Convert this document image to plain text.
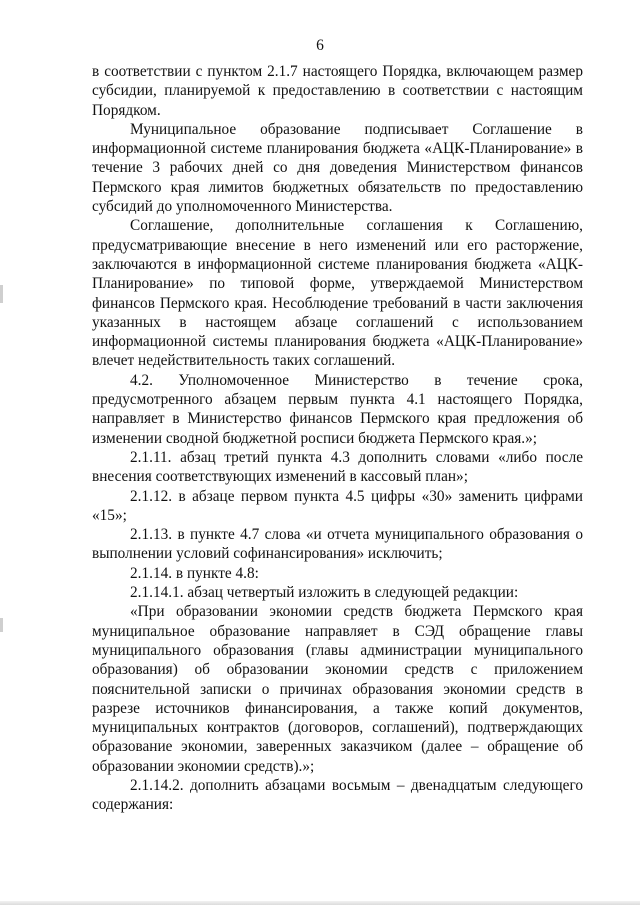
6

в соответствии с пунктом 2.1.7 настоящего Порядка, включающем размер субсидии, планируемой к предоставлению в соответствии с настоящим Порядком.

Муниципальное образование подписывает Соглашение в информационной системе планирования бюджета «АЦК-Планирование» в течение 3 рабочих дней со дня доведения Министерством финансов Пермского края лимитов бюджетных обязательств по предоставлению субсидий до уполномоченного Министерства.

Соглашение, дополнительные соглашения к Соглашению, предусматривающие внесение в него изменений или его расторжение, заключаются в информационной системе планирования бюджета «АЦК-Планирование» по типовой форме, утверждаемой Министерством финансов Пермского края. Несоблюдение требований в части заключения указанных в настоящем абзаце соглашений с использованием информационной системы планирования бюджета «АЦК-Планирование» влечет недействительность таких соглашений.

4.2. Уполномоченное Министерство в течение срока, предусмотренного абзацем первым пункта 4.1 настоящего Порядка, направляет в Министерство финансов Пермского края предложения об изменении сводной бюджетной росписи бюджета Пермского края.»;

2.1.11. абзац третий пункта 4.3 дополнить словами «либо после внесения соответствующих изменений в кассовый план»;

2.1.12. в абзаце первом пункта 4.5 цифры «30» заменить цифрами «15»;

2.1.13. в пункте 4.7 слова «и отчета муниципального образования о выполнении условий софинансирования» исключить;

2.1.14. в пункте 4.8:

2.1.14.1. абзац четвертый изложить в следующей редакции:

«При образовании экономии средств бюджета Пермского края муниципальное образование направляет в СЭД обращение главы муниципального образования (главы администрации муниципального образования) об образовании экономии средств с приложением пояснительной записки о причинах образования экономии средств в разрезе источников финансирования, а также копий документов, муниципальных контрактов (договоров, соглашений), подтверждающих образование экономии, заверенных заказчиком (далее – обращение об образовании экономии средств).»;

2.1.14.2. дополнить абзацами восьмым – двенадцатым следующего содержания:
